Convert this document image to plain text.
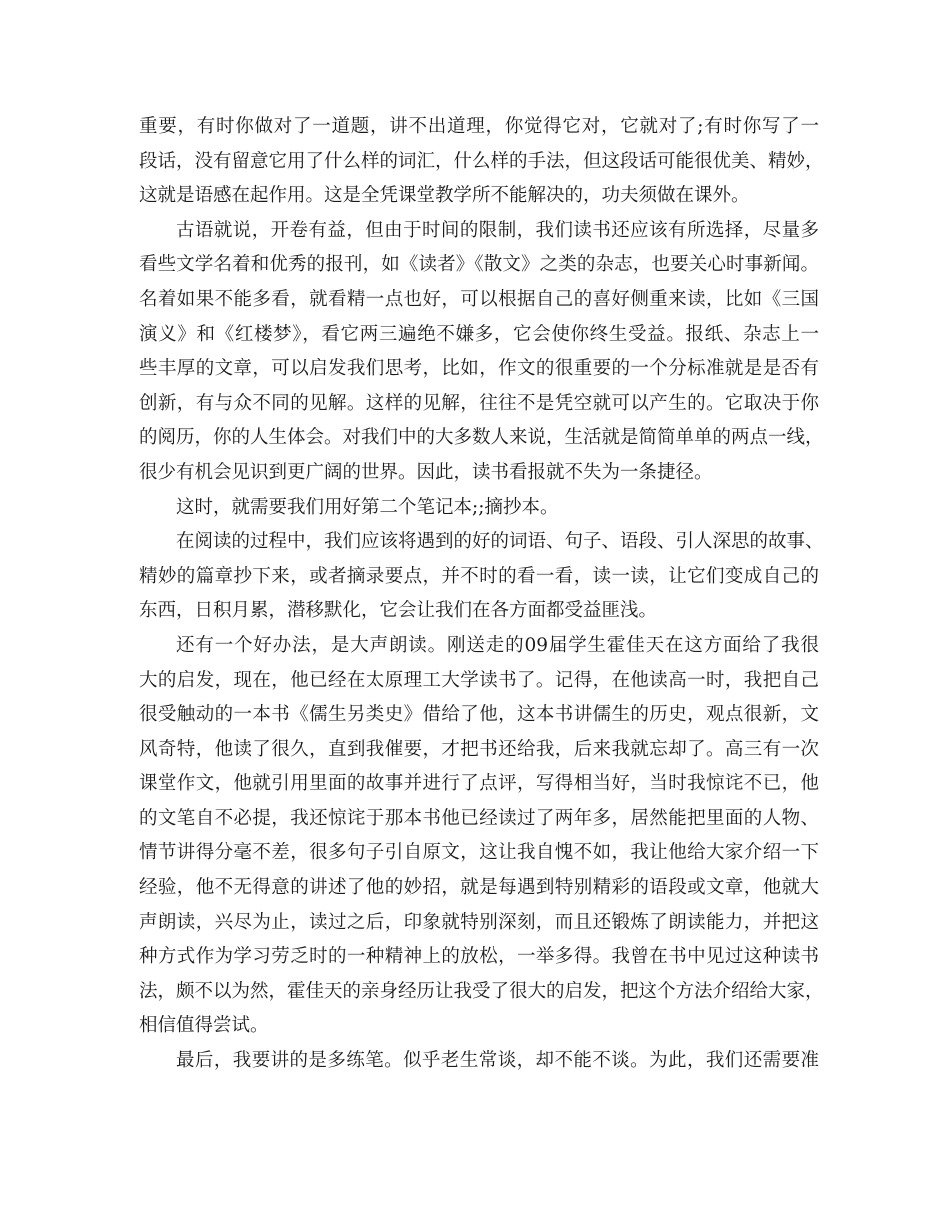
重要，有时你做对了一道题，讲不出道理，你觉得它对，它就对了;有时你写了一
段话，没有留意它用了什么样的词汇，什么样的手法，但这段话可能很优美、精妙，
这就是语感在起作用。这是全凭课堂教学所不能解决的，功夫须做在课外。
古语就说，开卷有益，但由于时间的限制，我们读书还应该有所选择，尽量多
看些文学名着和优秀的报刊，如《读者》《散文》之类的杂志，也要关心时事新闻。
名着如果不能多看，就看精一点也好，可以根据自己的喜好侧重来读，比如《三国
演义》和《红楼梦》，看它两三遍绝不嫌多，它会使你终生受益。报纸、杂志上一
些丰厚的文章，可以启发我们思考，比如，作文的很重要的一个分标准就是是否有
创新，有与众不同的见解。这样的见解，往往不是凭空就可以产生的。它取决于你
的阅历，你的人生体会。对我们中的大多数人来说，生活就是简简单单的两点一线，
很少有机会见识到更广阔的世界。因此，读书看报就不失为一条捷径。
这时，就需要我们用好第二个笔记本;;摘抄本。
在阅读的过程中，我们应该将遇到的好的词语、句子、语段、引人深思的故事、
精妙的篇章抄下来，或者摘录要点，并不时的看一看，读一读，让它们变成自己的
东西，日积月累，潜移默化，它会让我们在各方面都受益匪浅。
还有一个好办法，是大声朗读。刚送走的09届学生霍佳天在这方面给了我很
大的启发，现在，他已经在太原理工大学读书了。记得，在他读高一时，我把自己
很受触动的一本书《儒生另类史》借给了他，这本书讲儒生的历史，观点很新，文
风奇特，他读了很久，直到我催要，才把书还给我，后来我就忘却了。高三有一次
课堂作文，他就引用里面的故事并进行了点评，写得相当好，当时我惊诧不已，他
的文笔自不必提，我还惊诧于那本书他已经读过了两年多，居然能把里面的人物、
情节讲得分毫不差，很多句子引自原文，这让我自愧不如，我让他给大家介绍一下
经验，他不无得意的讲述了他的妙招，就是每遇到特别精彩的语段或文章，他就大
声朗读，兴尽为止，读过之后，印象就特别深刻，而且还锻炼了朗读能力，并把这
种方式作为学习劳乏时的一种精神上的放松，一举多得。我曾在书中见过这种读书
法，颇不以为然，霍佳天的亲身经历让我受了很大的启发，把这个方法介绍给大家，
相信值得尝试。
最后，我要讲的是多练笔。似乎老生常谈，却不能不谈。为此，我们还需要准
